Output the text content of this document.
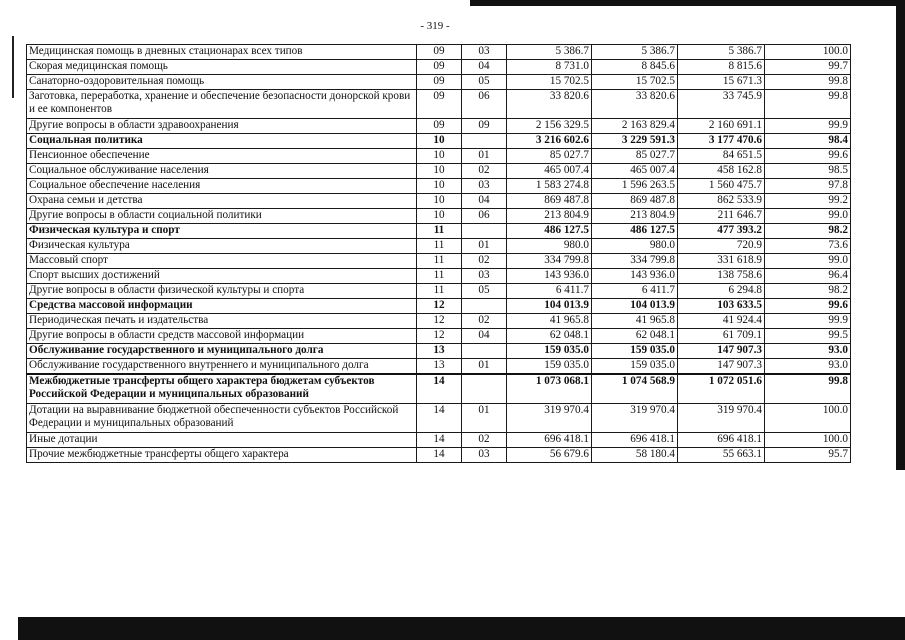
- 319 -
Медицинская помощь в дневных стационарах всех типов	09	03	5 386.7	5 386.7	5 386.7	100.0
Скорая медицинская помощь	09	04	8 731.0	8 845.6	8 815.6	99.7
Санаторно-оздоровительная помощь	09	05	15 702.5	15 702.5	15 671.3	99.8
Заготовка, переработка, хранение и обеспечение безопасности донорской крови и ее компонентов	09	06	33 820.6	33 820.6	33 745.9	99.8
Другие вопросы в области здравоохранения	09	09	2 156 329.5	2 163 829.4	2 160 691.1	99.9
Социальная политика	10		3 216 602.6	3 229 591.3	3 177 470.6	98.4
Пенсионное обеспечение	10	01	85 027.7	85 027.7	84 651.5	99.6
Социальное обслуживание населения	10	02	465 007.4	465 007.4	458 162.8	98.5
Социальное обеспечение населения	10	03	1 583 274.8	1 596 263.5	1 560 475.7	97.8
Охрана семьи и детства	10	04	869 487.8	869 487.8	862 533.9	99.2
Другие вопросы в области социальной политики	10	06	213 804.9	213 804.9	211 646.7	99.0
Физическая культура и спорт	11		486 127.5	486 127.5	477 393.2	98.2
Физическая культура	11	01	980.0	980.0	720.9	73.6
Массовый спорт	11	02	334 799.8	334 799.8	331 618.9	99.0
Спорт высших достижений	11	03	143 936.0	143 936.0	138 758.6	96.4
Другие вопросы в области физической культуры и спорта	11	05	6 411.7	6 411.7	6 294.8	98.2
Средства массовой информации	12		104 013.9	104 013.9	103 633.5	99.6
Периодическая печать и издательства	12	02	41 965.8	41 965.8	41 924.4	99.9
Другие вопросы в области средств массовой информации	12	04	62 048.1	62 048.1	61 709.1	99.5
Обслуживание государственного и муниципального долга	13		159 035.0	159 035.0	147 907.3	93.0
Обслуживание государственного внутреннего и муниципального долга	13	01	159 035.0	159 035.0	147 907.3	93.0
Межбюджетные трансферты общего характера бюджетам субъектов Российской Федерации и муниципальных образований	14		1 073 068.1	1 074 568.9	1 072 051.6	99.8
Дотации на выравнивание бюджетной обеспеченности субъектов Российской Федерации и муниципальных образований	14	01	319 970.4	319 970.4	319 970.4	100.0
Иные дотации	14	02	696 418.1	696 418.1	696 418.1	100.0
Прочие межбюджетные трансферты общего характера	14	03	56 679.6	58 180.4	55 663.1	95.7
